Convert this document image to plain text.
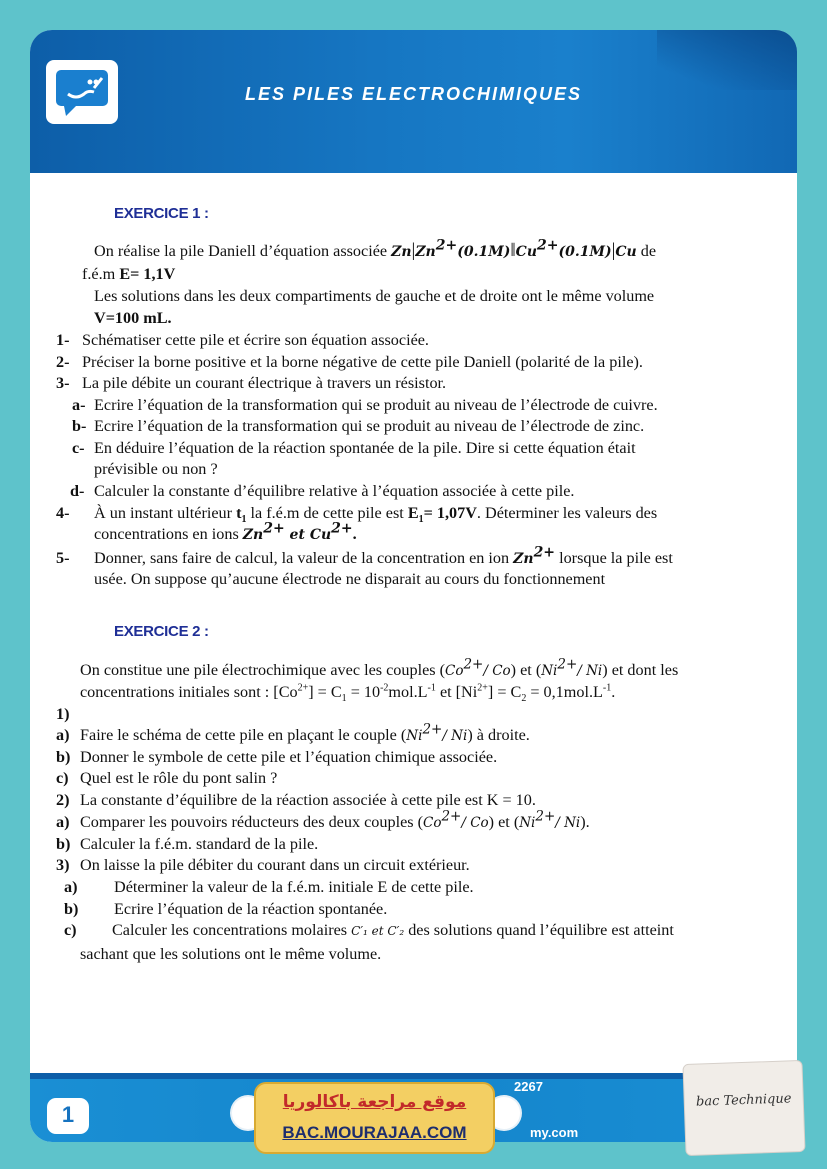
LES PILES ELECTROCHIMIQUES
EXERCICE 1 :
On réalise la pile Daniell d’équation associée $Zn|Zn^{2+}(0.1M)‖Cu^{2+}(0.1M)|Cu$ de
f.é.m E= 1,1V
Les solutions dans les deux compartiments de gauche et de droite ont le même volume
V=100 mL.
1- Schématiser cette pile et écrire son équation associée.
2- Préciser la borne positive et la borne négative de cette pile Daniell (polarité de la pile).
3- La pile débite un courant électrique à travers un résistor.
a- Ecrire l’équation de la transformation qui se produit au niveau de l’électrode de cuivre.
b- Ecrire l’équation de la transformation qui se produit au niveau de l’électrode de zinc.
c- En déduire l’équation de la réaction spontanée de la pile. Dire si cette équation était
prévisible ou non ?
d- Calculer la constante d’équilibre relative à l’équation associée à cette pile.
4- À un instant ultérieur $t_1$ la f.é.m de cette pile est $E_1= 1,07V$. Déterminer les valeurs des
concentrations en ions $Zn^{2+}$ et $Cu^{2+}$.
5- Donner, sans faire de calcul, la valeur de la concentration en ion $Zn^{2+}$ lorsque la pile est
usée. On suppose qu’aucune électrode ne disparait au cours du fonctionnement
EXERCICE 2 :
On constitue une pile électrochimique avec les couples ($Co^{2+}/$ Co) et ($Ni^{2+}/$ Ni) et dont les
concentrations initiales sont : $[Co^{2+}] = C_1 = 10^{-2}mol.L^{-1}$ et $[Ni^{2+}] = C_2 = 0,1mol.L^{-1}$.
1)
a) Faire le schéma de cette pile en plaçant le couple ($Ni^{2+}/$ Ni) à droite.
b) Donner le symbole de cette pile et l’équation chimique associée.
c) Quel est le rôle du pont salin ?
2) La constante d’équilibre de la réaction associée à cette pile est K = 10.
a) Comparer les pouvoirs réducteurs des deux couples ($Co^{2+}/$ Co) et ($Ni^{2+}/$ Ni).
b) Calculer la f.é.m. standard de la pile.
3) On laisse la pile débiter du courant dans un circuit extérieur.
a) Déterminer la valeur de la f.é.m. initiale E de cette pile.
b) Ecrire l’équation de la réaction spontanée.
c) Calculer les concentrations molaires C′₁ et C′₂ des solutions quand l’équilibre est atteint
sachant que les solutions ont le même volume.
1
2267
my.com
موقع مراجعة باكالوريا
BAC.MOURAJAA.COM
bac Technique
